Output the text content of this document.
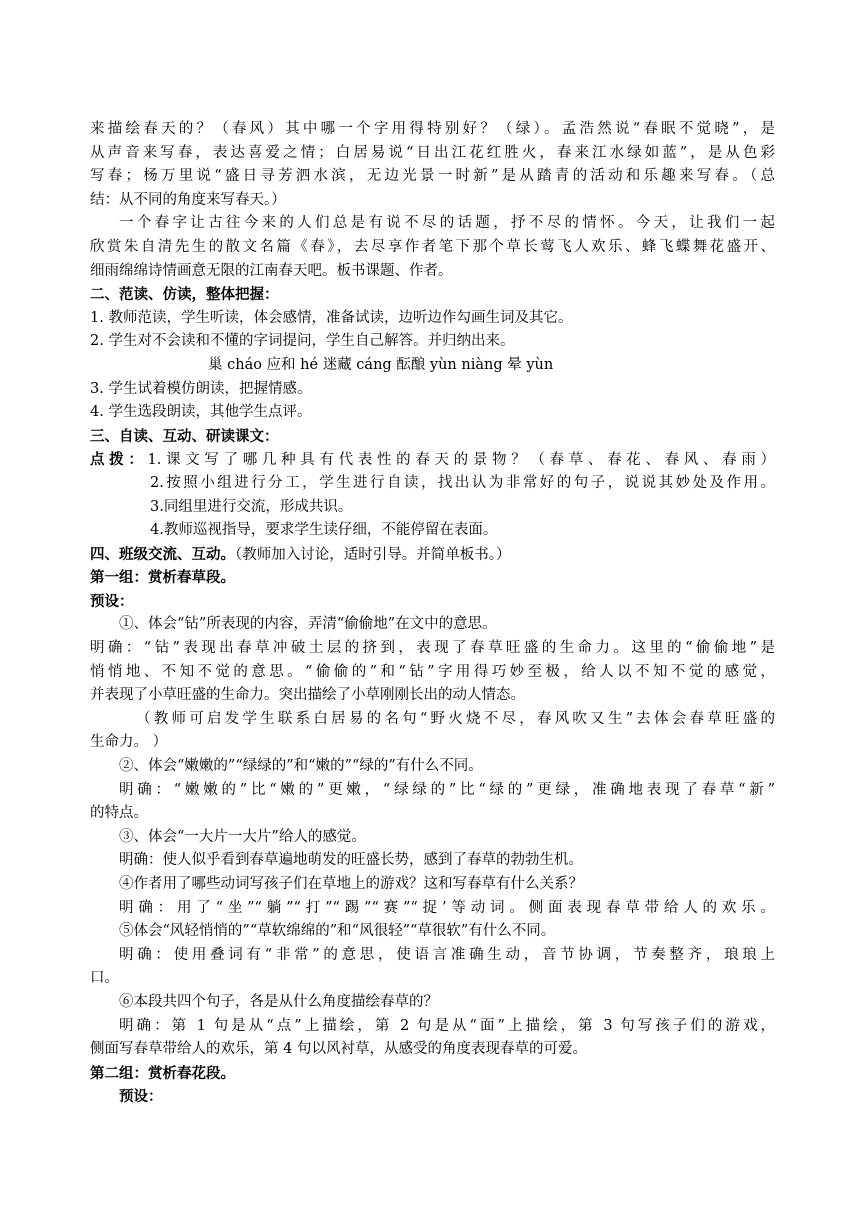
来描绘春天的？（春风）其中哪一个字用得特别好？（绿）。孟浩然说“春眠不觉晓”，是
从声音来写春，表达喜爱之情；白居易说“日出江花红胜火，春来江水绿如蓝”，是从色彩
写春；杨万里说“盛日寻芳泗水滨，无边光景一时新”是从踏青的活动和乐趣来写春。（总
结：从不同的角度来写春天。）
一个春字让古往今来的人们总是有说不尽的话题，抒不尽的情怀。今天，让我们一起
欣赏朱自清先生的散文名篇《春》，去尽享作者笔下那个草长莺飞人欢乐、蜂飞蝶舞花盛开、
细雨绵绵诗情画意无限的江南春天吧。板书课题、作者。
二、范读、仿读，整体把握：
1. 教师范读，学生听读，体会感情，准备试读，边听边作勾画生词及其它。
2. 学生对不会读和不懂的字词提问，学生自己解答。并归纳出来。
巢 cháo 应和 hé 迷藏 cáng 酝酿 yùn niàng 晕 yùn
3. 学生试着模仿朗读，把握情感。
4. 学生选段朗读，其他学生点评。
三、自读、互动、研读课文：
点拨：1.课文写了哪几种具有代表性的春天的景物？（春草、春花、春风、春雨）
2.按照小组进行分工，学生进行自读，找出认为非常好的句子，说说其妙处及作用。
3.同组里进行交流，形成共识。
4.教师巡视指导，要求学生读仔细，不能停留在表面。
四、班级交流、互动。（教师加入讨论，适时引导。并简单板书。）
第一组：赏析春草段。
预设：
①、体会“钻”所表现的内容，弄清“偷偷地”在文中的意思。
明确：“钻”表现出春草冲破土层的挤到，表现了春草旺盛的生命力。这里的“偷偷地”是
悄悄地、不知不觉的意思。“偷偷的”和“钻”字用得巧妙至极，给人以不知不觉的感觉，
并表现了小草旺盛的生命力。突出描绘了小草刚刚长出的动人情态。
（教师可启发学生联系白居易的名句“野火烧不尽，春风吹又生”去体会春草旺盛的
生命力。 ）
②、体会“嫩嫩的”“绿绿的”和“嫩的”“绿的”有什么不同。
明确：“嫩嫩的”比“嫩的”更嫩，“绿绿的”比“绿的”更绿，准确地表现了春草“新”
的特点。
③、体会“一大片一大片”给人的感觉。
明确：使人似乎看到春草遍地萌发的旺盛长势，感到了春草的勃勃生机。
④作者用了哪些动词写孩子们在草地上的游戏？这和写春草有什么关系？
明确：用了“坐”“躺”“打”“踢”“赛”“捉’等动词。侧面表现春草带给人的欢乐。
⑤体会“风轻悄悄的”“草软绵绵的”和“风很轻”“草很软”有什么不同。
明确：使用叠词有“非常”的意思，使语言准确生动，音节协调，节奏整齐，琅琅上
口。
⑥本段共四个句子，各是从什么角度描绘春草的？
明确：第 1 句是从“点”上描绘，第 2 句是从“面”上描绘，第 3 句写孩子们的游戏，
侧面写春草带给人的欢乐，第 4 句以风衬草，从感受的角度表现春草的可爱。
第二组：赏析春花段。
预设：
